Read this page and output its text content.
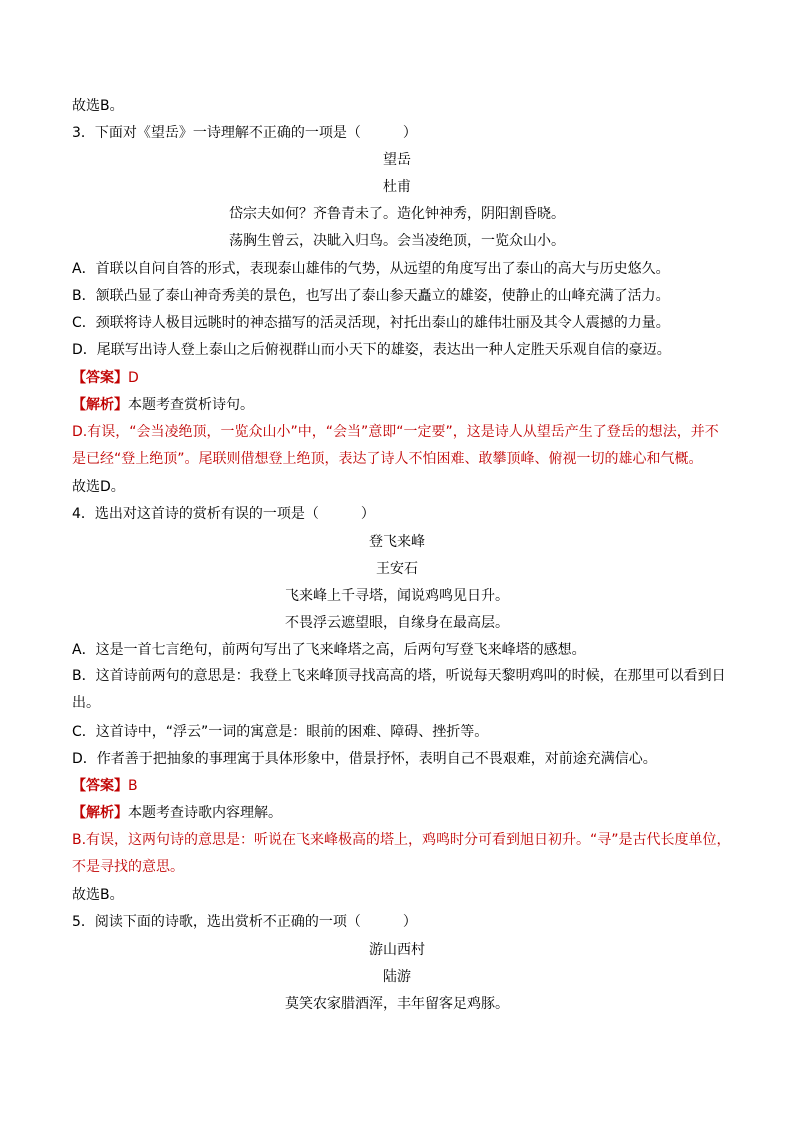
故选B。
3．下面对《望岳》一诗理解不正确的一项是（　　　）
望岳
杜甫
岱宗夫如何？齐鲁青未了。造化钟神秀，阴阳割昏晓。
荡胸生曾云，决眦入归鸟。会当凌绝顶，一览众山小。
A．首联以自问自答的形式，表现泰山雄伟的气势，从远望的角度写出了泰山的高大与历史悠久。
B．颔联凸显了泰山神奇秀美的景色，也写出了泰山参天矗立的雄姿，使静止的山峰充满了活力。
C．颈联将诗人极目远眺时的神态描写的活灵活现，衬托出泰山的雄伟壮丽及其令人震撼的力量。
D．尾联写出诗人登上泰山之后俯视群山而小天下的雄姿，表达出一种人定胜天乐观自信的豪迈。
【答案】D
【解析】本题考查赏析诗句。
D.有误，“会当凌绝顶，一览众山小”中，“会当”意即“一定要”，这是诗人从望岳产生了登岳的想法，并不是已经“登上绝顶”。尾联则借想登上绝顶，表达了诗人不怕困难、敢攀顶峰、俯视一切的雄心和气概。
故选D。
4．选出对这首诗的赏析有误的一项是（　　　）
登飞来峰
王安石
飞来峰上千寻塔，闻说鸡鸣见日升。
不畏浮云遮望眼，自缘身在最高层。
A．这是一首七言绝句，前两句写出了飞来峰塔之高，后两句写登飞来峰塔的感想。
B．这首诗前两句的意思是：我登上飞来峰顶寻找高高的塔，听说每天黎明鸡叫的时候，在那里可以看到日出。
C．这首诗中，“浮云”一词的寓意是：眼前的困难、障碍、挫折等。
D．作者善于把抽象的事理寓于具体形象中，借景抒怀，表明自己不畏艰难，对前途充满信心。
【答案】B
【解析】本题考查诗歌内容理解。
B.有误，这两句诗的意思是：听说在飞来峰极高的塔上，鸡鸣时分可看到旭日初升。“寻”是古代长度单位，不是寻找的意思。
故选B。
5．阅读下面的诗歌，选出赏析不正确的一项（　　　）
游山西村
陆游
莫笑农家腊酒浑，丰年留客足鸡豚。
